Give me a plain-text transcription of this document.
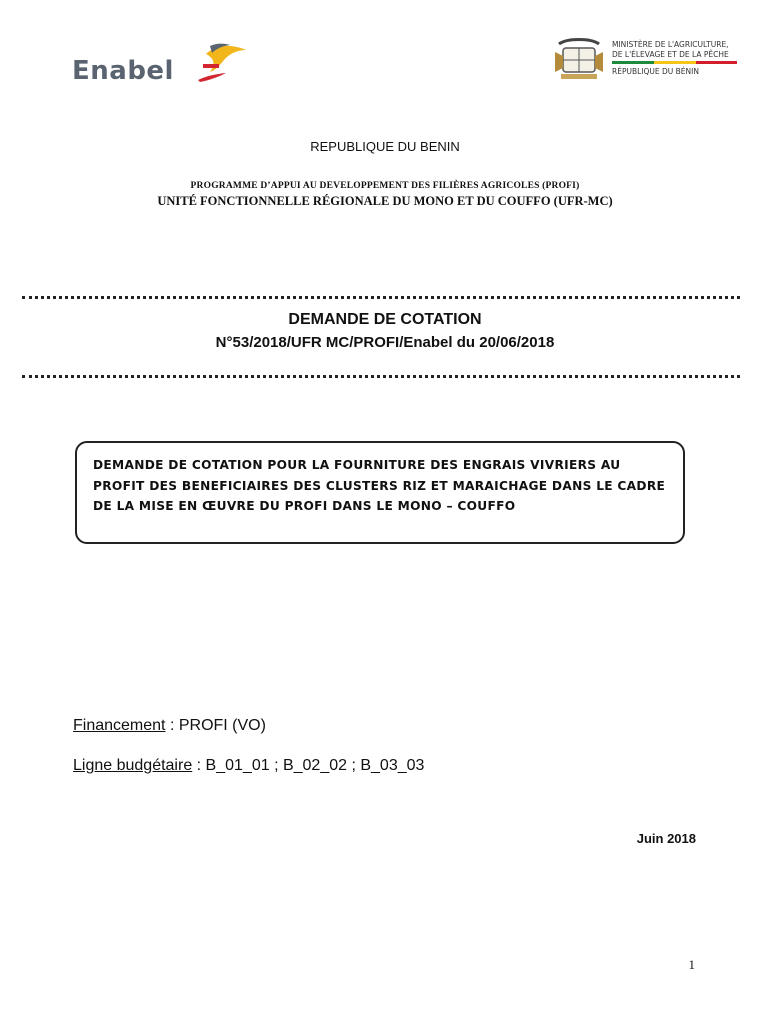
Enabel
MINISTÈRE DE L'AGRICULTURE,
DE L'ÉLEVAGE ET DE LA PÊCHE
RÉPUBLIQUE DU BÉNIN
REPUBLIQUE DU BENIN
PROGRAMME D’APPUI AU DEVELOPPEMENT DES FILIÈRES AGRICOLES (PROFI)
UNITÉ FONCTIONNELLE RÉGIONALE DU MONO ET DU COUFFO (UFR-MC)
DEMANDE DE COTATION
N°53/2018/UFR MC/PROFI/Enabel du 20/06/2018
DEMANDE DE COTATION POUR LA FOURNITURE DES ENGRAIS VIVRIERS AU PROFIT DES BENEFICIAIRES DES CLUSTERS RIZ ET MARAICHAGE DANS LE CADRE DE LA MISE EN ŒUVRE DU PROFI DANS LE MONO – COUFFO
Financement : PROFI (VO)
Ligne budgétaire : B_01_01 ; B_02_02 ; B_03_03
Juin 2018
1
